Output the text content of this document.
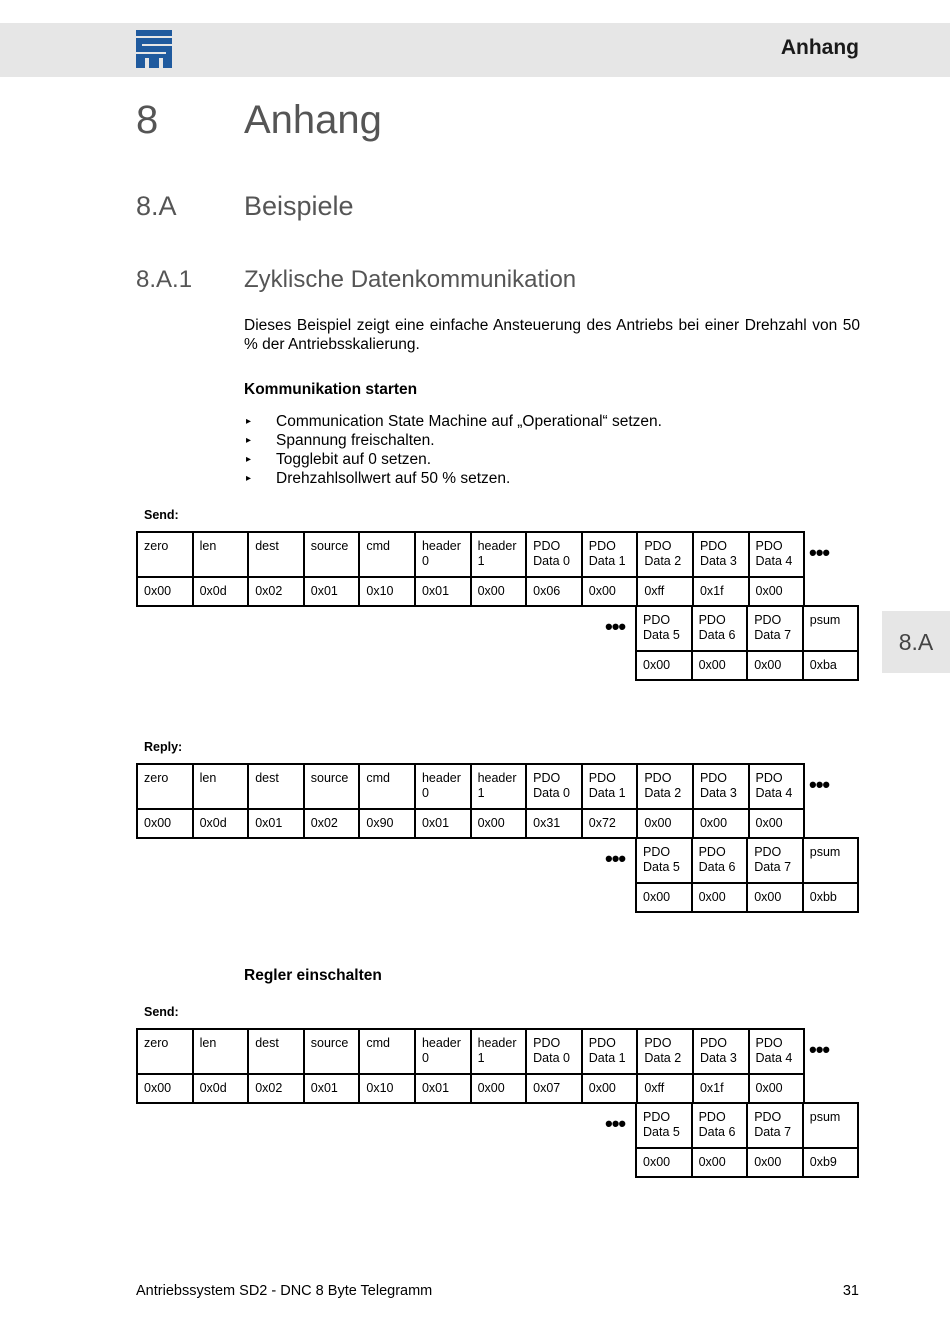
Anhang
8 Anhang
8.A Beispiele
8.A.1 Zyklische Datenkommunikation
Dieses Beispiel zeigt eine einfache Ansteuerung des Antriebs bei einer Drehzahl von 50 % der Antriebsskalierung.
Kommunikation starten
▸ Communication State Machine auf „Operational“ setzen.
▸ Spannung freischalten.
▸ Togglebit auf 0 setzen.
▸ Drehzahlsollwert auf 50 % setzen.
Regler einschalten
8.A
Send:
zero	len	dest	source	cmd	header 0	header 1	PDO Data 0	PDO Data 1	PDO Data 2	PDO Data 3	PDO Data 4
0x00	0x0d	0x02	0x01	0x10	0x01	0x00	0x06	0x00	0xff	0x1f	0x00
PDO Data 5	PDO Data 6	PDO Data 7	psum
0x00	0x00	0x00	0xba
•••
•••
Reply:
zero	len	dest	source	cmd	header 0	header 1	PDO Data 0	PDO Data 1	PDO Data 2	PDO Data 3	PDO Data 4
0x00	0x0d	0x01	0x02	0x90	0x01	0x00	0x31	0x72	0x00	0x00	0x00
PDO Data 5	PDO Data 6	PDO Data 7	psum
0x00	0x00	0x00	0xbb
•••
•••
Send:
zero	len	dest	source	cmd	header 0	header 1	PDO Data 0	PDO Data 1	PDO Data 2	PDO Data 3	PDO Data 4
0x00	0x0d	0x02	0x01	0x10	0x01	0x00	0x07	0x00	0xff	0x1f	0x00
PDO Data 5	PDO Data 6	PDO Data 7	psum
0x00	0x00	0x00	0xb9
•••
•••
Antriebssystem SD2 - DNC 8 Byte Telegramm	31
